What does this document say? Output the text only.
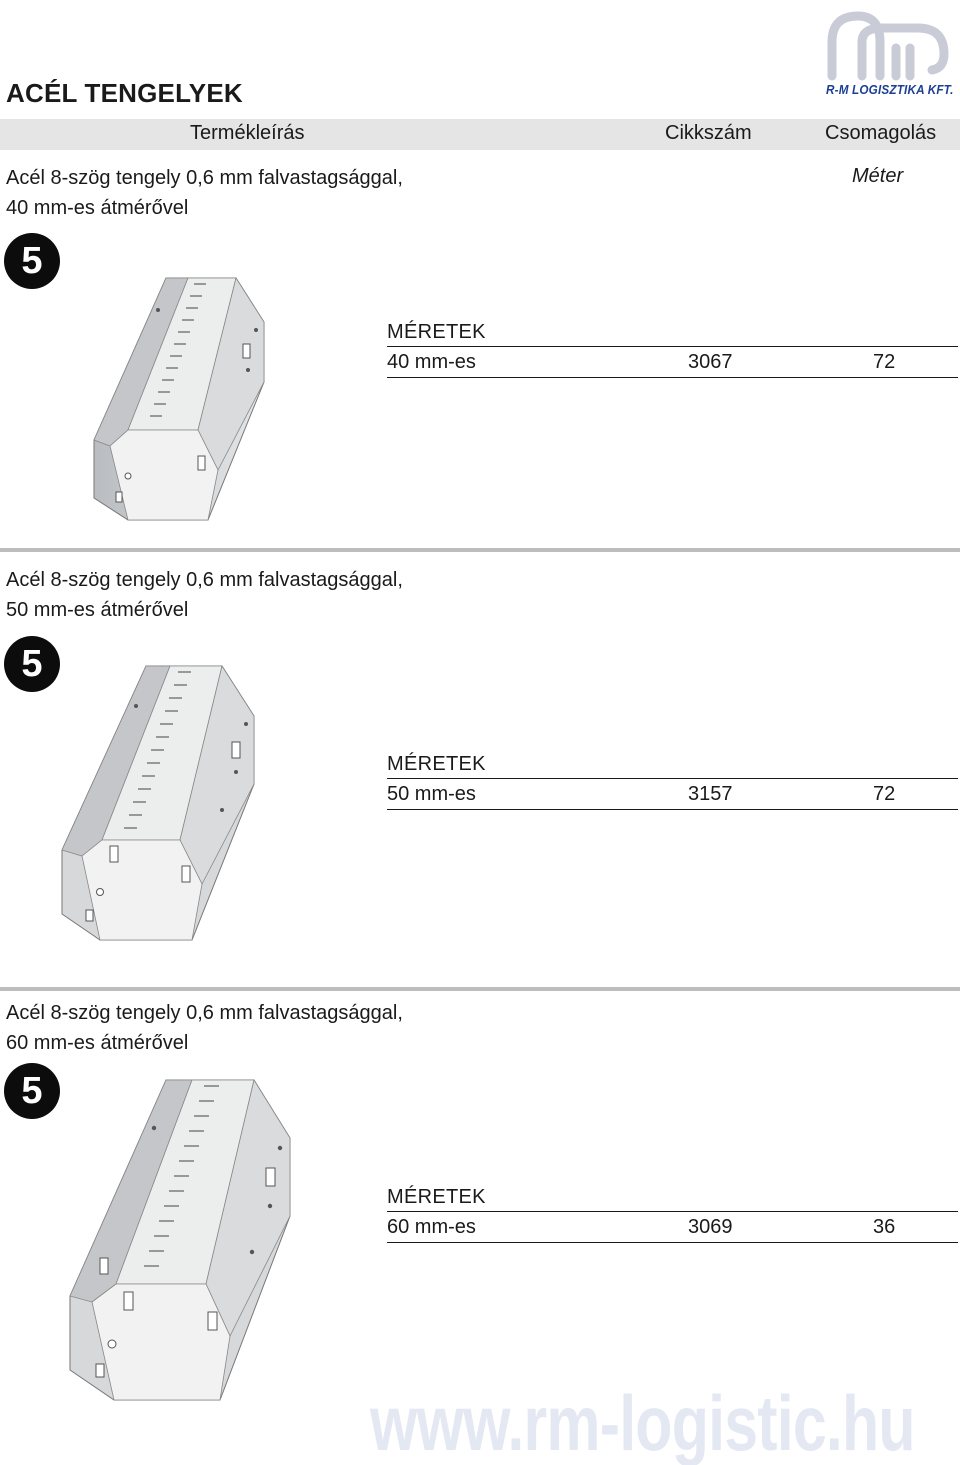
ACÉL TENGELYEK	R-M LOGISZTIKA KFT.
Termékleírás	Cikkszám	Csomagolás
Méter
Acél 8-szög tengely 0,6 mm falvastagsággal,
40 mm-es átmérővel
5
MÉRETEK
40 mm-es	3067	72
Acél 8-szög tengely 0,6 mm falvastagsággal,
50 mm-es átmérővel
5
MÉRETEK
50 mm-es	3157	72
Acél 8-szög tengely 0,6 mm falvastagsággal,
60 mm-es átmérővel
5
MÉRETEK
60 mm-es	3069	36
www.rm-logistic.hu
